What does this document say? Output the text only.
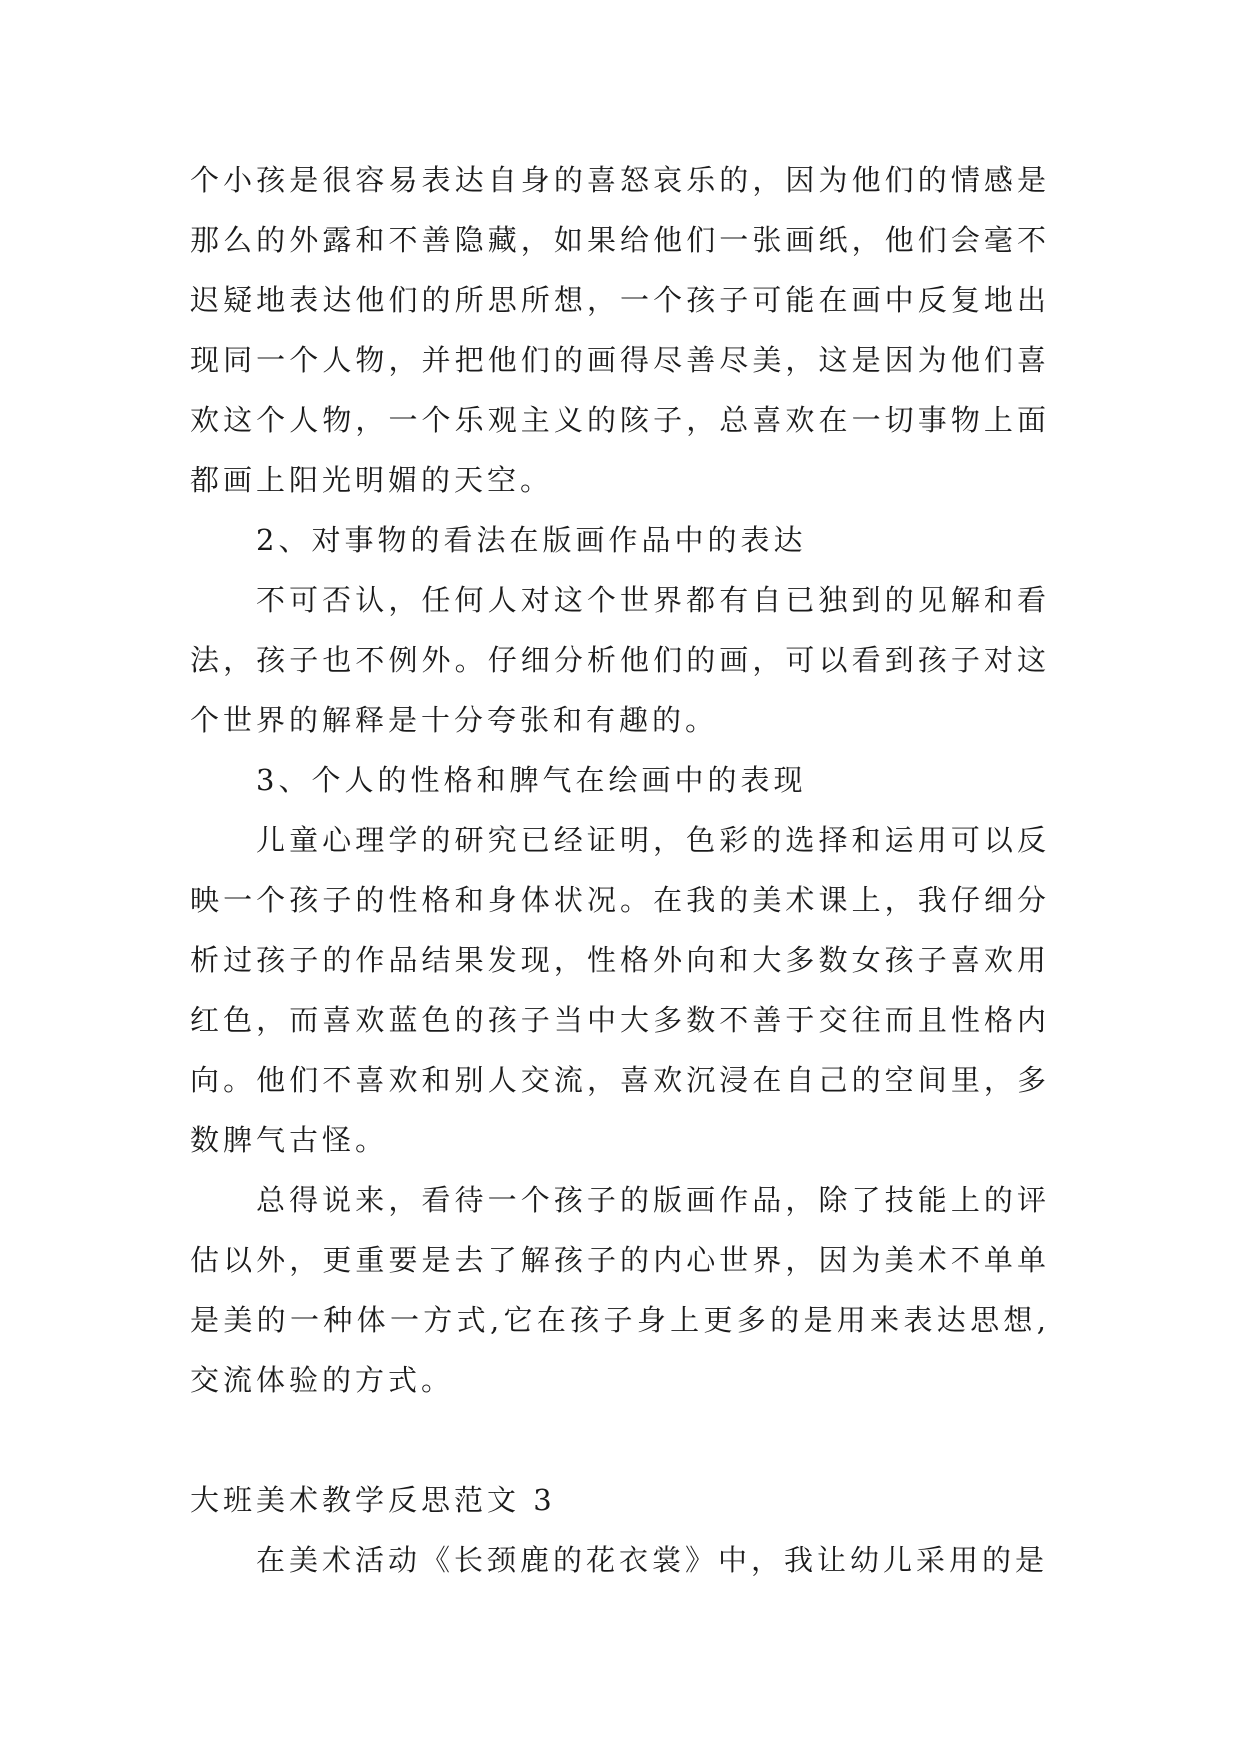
个小孩是很容易表达自身的喜怒哀乐的，因为他们的情感是那么的外露和不善隐藏，如果给他们一张画纸，他们会毫不迟疑地表达他们的所思所想，一个孩子可能在画中反复地出现同一个人物，并把他们的画得尽善尽美，这是因为他们喜欢这个人物，一个乐观主义的陔子，总喜欢在一切事物上面都画上阳光明媚的天空。

2、对事物的看法在版画作品中的表达

不可否认，任何人对这个世界都有自已独到的见解和看法，孩子也不例外。仔细分析他们的画，可以看到孩子对这个世界的解释是十分夸张和有趣的。

3、个人的性格和脾气在绘画中的表现

儿童心理学的研究已经证明，色彩的选择和运用可以反映一个孩子的性格和身体状况。在我的美术课上，我仔细分析过孩子的作品结果发现，性格外向和大多数女孩子喜欢用红色，而喜欢蓝色的孩子当中大多数不善于交往而且性格内向。他们不喜欢和别人交流，喜欢沉浸在自己的空间里，多数脾气古怪。

总得说来，看待一个孩子的版画作品，除了技能上的评估以外，更重要是去了解孩子的内心世界，因为美术不单单是美的一种体一方式,它在孩子身上更多的是用来表达思想,交流体验的方式。

大班美术教学反思范文 3

在美术活动《长颈鹿的花衣裳》中，我让幼儿采用的是
